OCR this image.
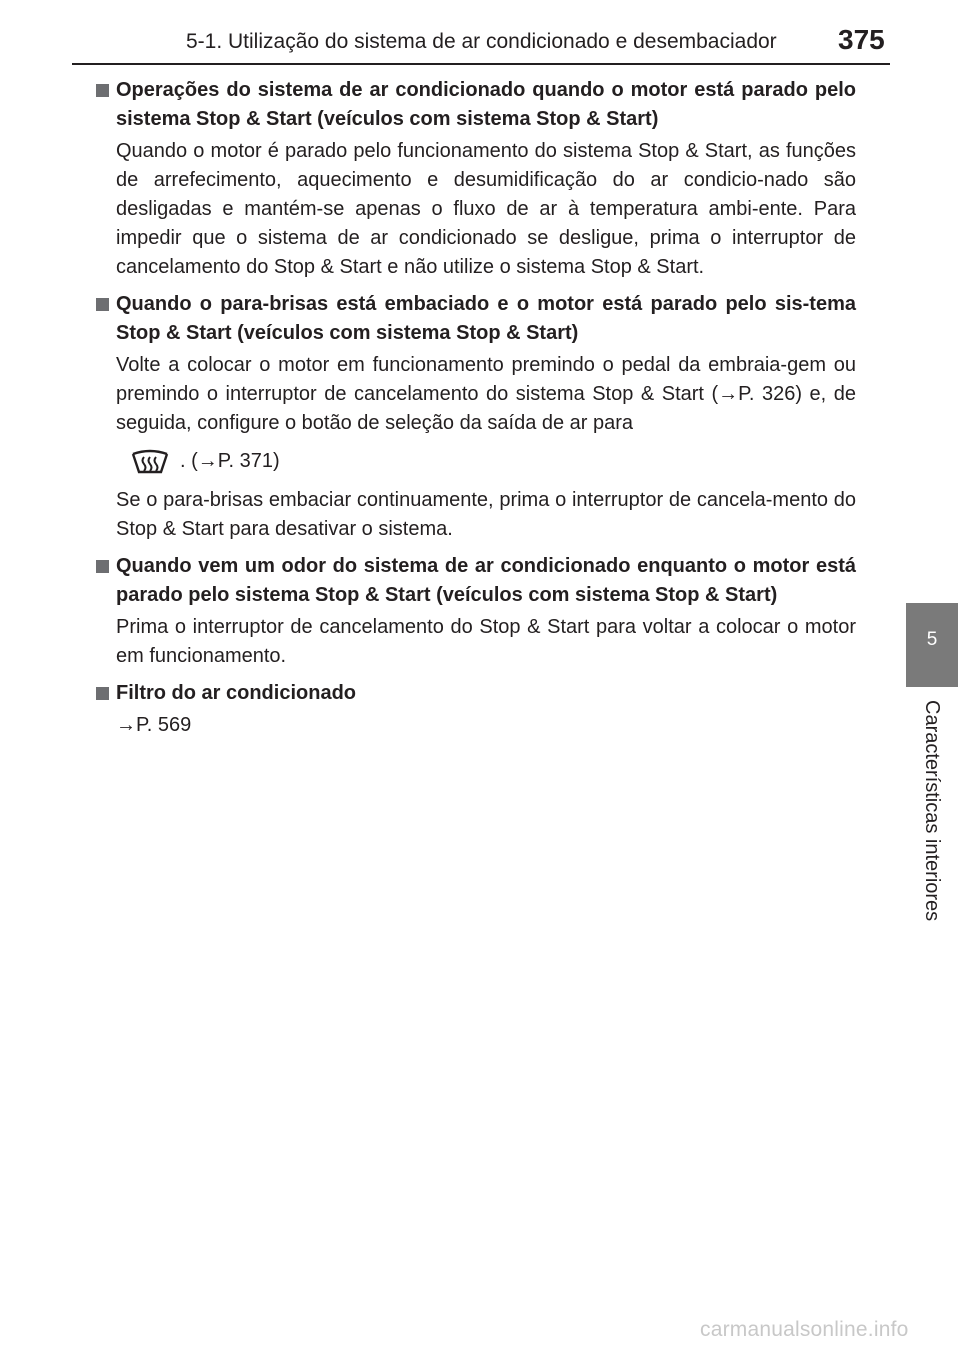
5-1. Utilização do sistema de ar condicionado e desembaciador 375
5
Características interiores
Operações do sistema de ar condicionado quando o motor está parado pelo sistema Stop & Start (veículos com sistema Stop & Start)
Quando o motor é parado pelo funcionamento do sistema Stop & Start, as funções de arrefecimento, aquecimento e desumidificação do ar condicio-nado são desligadas e mantém-se apenas o fluxo de ar à temperatura ambi-ente. Para impedir que o sistema de ar condicionado se desligue, prima o interruptor de cancelamento do Stop & Start e não utilize o sistema Stop & Start.
Quando o para-brisas está embaciado e o motor está parado pelo sis-tema Stop & Start (veículos com sistema Stop & Start)
Volte a colocar o motor em funcionamento premindo o pedal da embraia-gem ou premindo o interruptor de cancelamento do sistema Stop & Start (→P. 326) e, de seguida, configure o botão de seleção da saída de ar para
. (→P. 371)
Se o para-brisas embaciar continuamente, prima o interruptor de cancela-mento do Stop & Start para desativar o sistema.
Quando vem um odor do sistema de ar condicionado enquanto o motor está parado pelo sistema Stop & Start (veículos com sistema Stop & Start)
Prima o interruptor de cancelamento do Stop & Start para voltar a colocar o motor em funcionamento.
Filtro do ar condicionado
→P. 569
carmanualsonline.info
